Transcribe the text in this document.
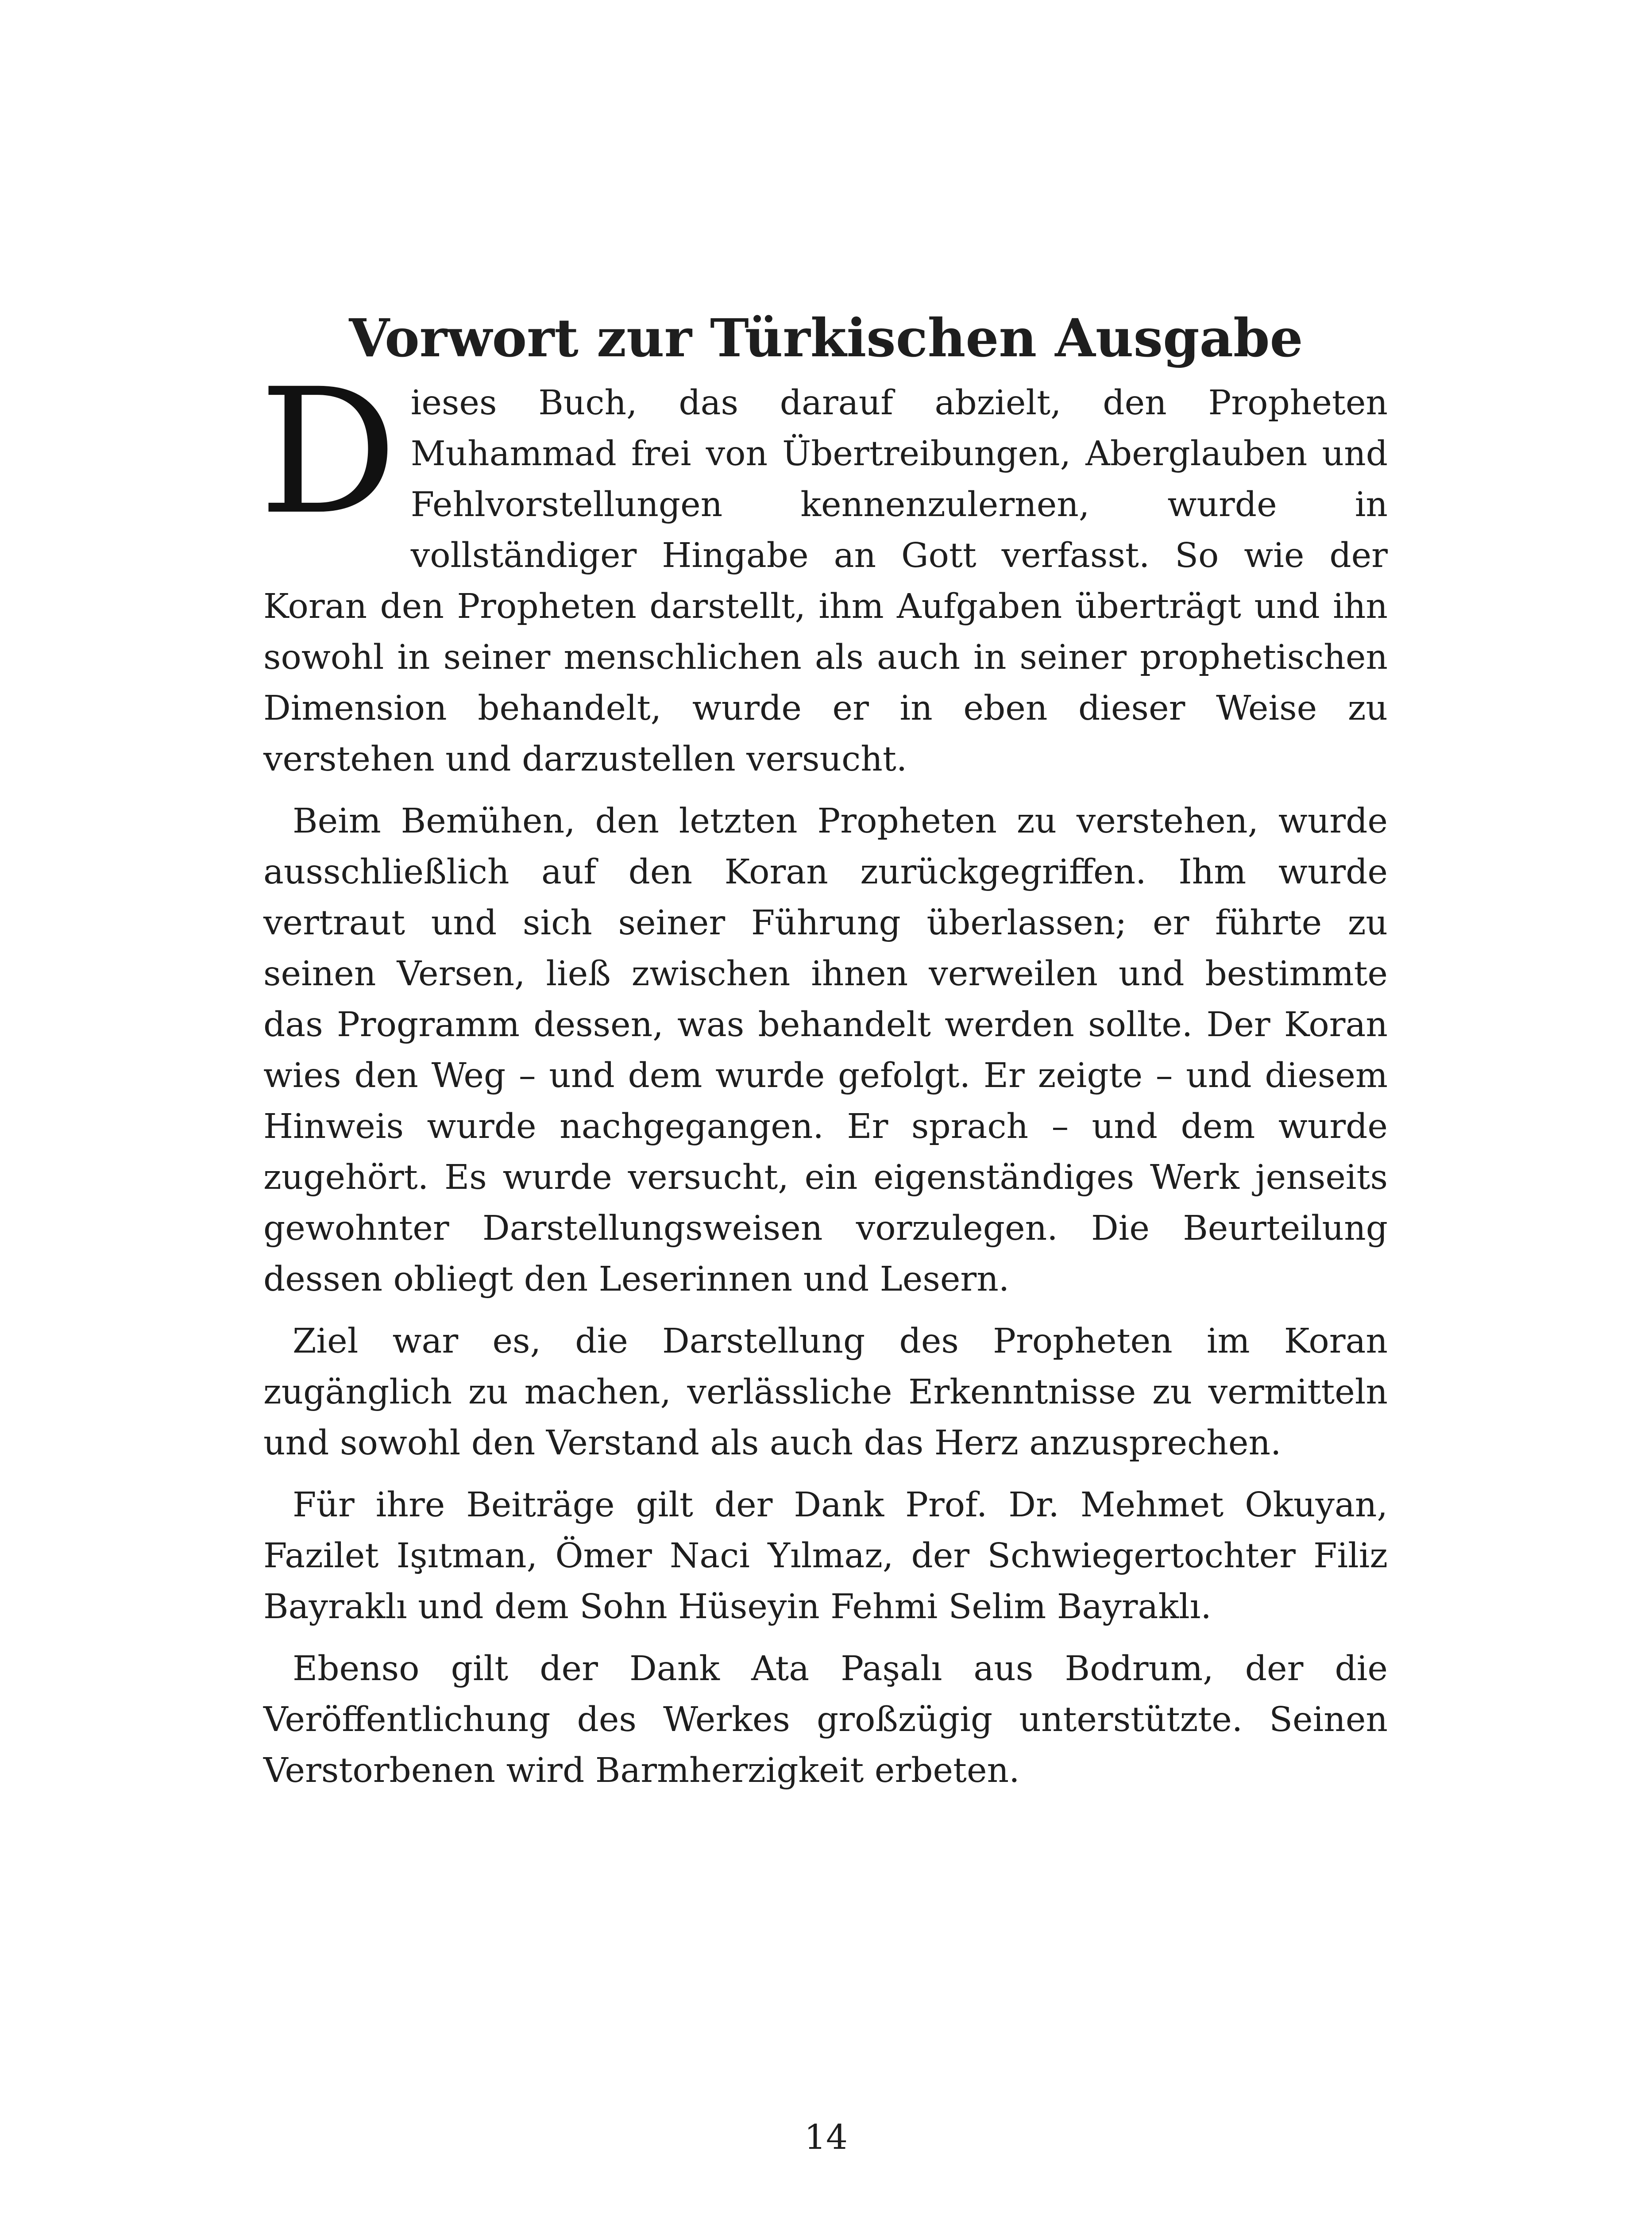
Vorwort zur Türkischen Ausgabe

Dieses Buch, das darauf abzielt, den Propheten Muhammad frei von Übertreibungen, Aberglauben und Fehlvorstellungen kennenzulernen, wurde in vollständiger Hingabe an Gott verfasst. So wie der Koran den Propheten darstellt, ihm Aufgaben überträgt und ihn sowohl in seiner menschlichen als auch in seiner prophetischen Dimension behandelt, wurde er in eben dieser Weise zu verstehen und darzustellen versucht.

Beim Bemühen, den letzten Propheten zu verstehen, wurde ausschließlich auf den Koran zurückgegriffen. Ihm wurde vertraut und sich seiner Führung überlassen; er führte zu seinen Versen, ließ zwischen ihnen verweilen und bestimmte das Programm dessen, was behandelt werden sollte. Der Koran wies den Weg – und dem wurde gefolgt. Er zeigte – und diesem Hinweis wurde nachgegangen. Er sprach – und dem wurde zugehört. Es wurde versucht, ein eigenständiges Werk jenseits gewohnter Darstellungsweisen vorzulegen. Die Beurteilung dessen obliegt den Leserinnen und Lesern.

Ziel war es, die Darstellung des Propheten im Koran zugänglich zu machen, verlässliche Erkenntnisse zu vermitteln und sowohl den Verstand als auch das Herz anzusprechen.

Für ihre Beiträge gilt der Dank Prof. Dr. Mehmet Okuyan, Fazilet Işıtman, Ömer Naci Yılmaz, der Schwiegertochter Filiz Bayraklı und dem Sohn Hüseyin Fehmi Selim Bayraklı.

Ebenso gilt der Dank Ata Paşalı aus Bodrum, der die Veröffentlichung des Werkes großzügig unterstützte. Seinen Verstorbenen wird Barmherzigkeit erbeten.

14
